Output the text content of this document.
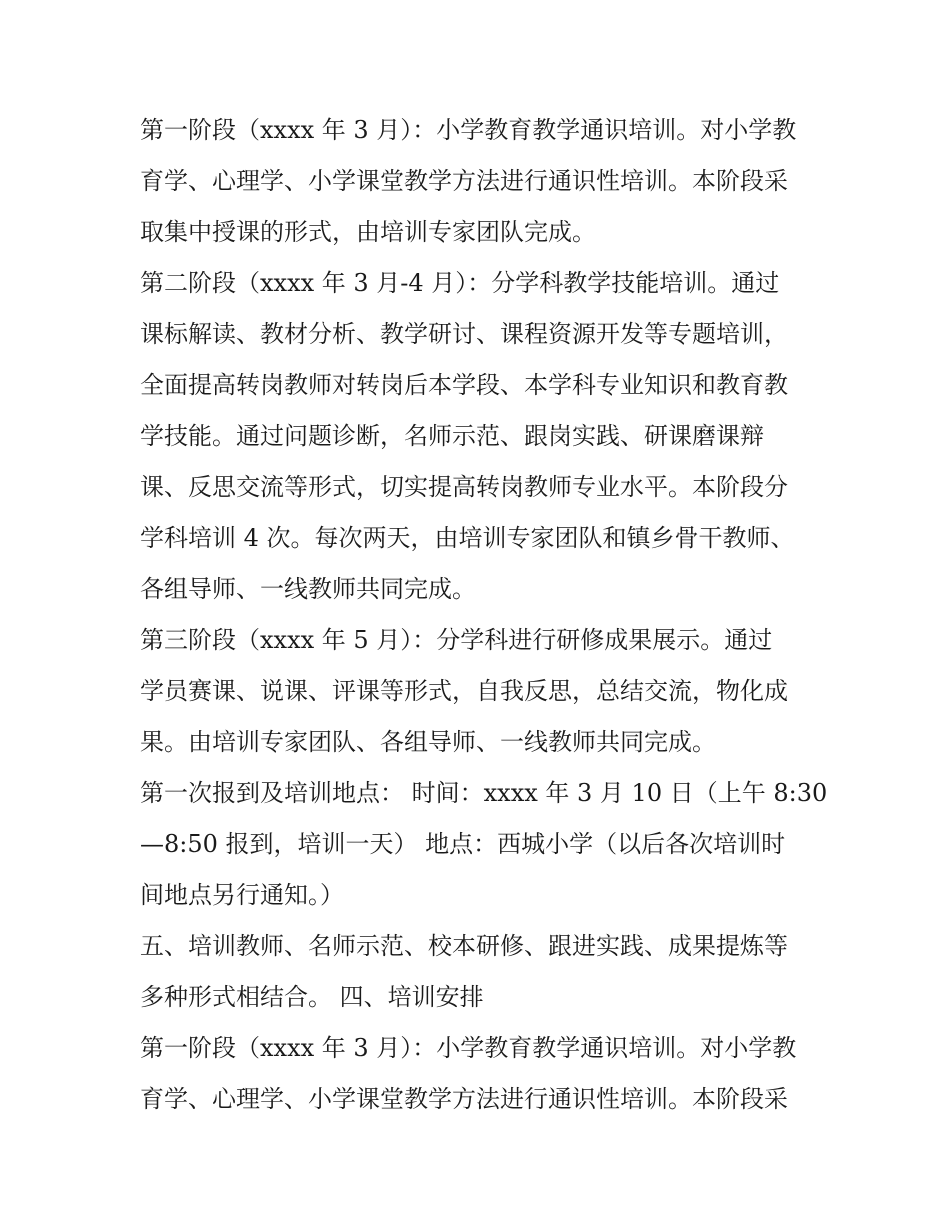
第一阶段（xxxx 年 3 月）：小学教育教学通识培训。对小学教
育学、心理学、小学课堂教学方法进行通识性培训。本阶段采
取集中授课的形式，由培训专家团队完成。
第二阶段（xxxx 年 3 月-4 月）：分学科教学技能培训。通过
课标解读、教材分析、教学研讨、课程资源开发等专题培训，
全面提高转岗教师对转岗后本学段、本学科专业知识和教育教
学技能。通过问题诊断，名师示范、跟岗实践、研课磨课辩
课、反思交流等形式，切实提高转岗教师专业水平。本阶段分
学科培训 4 次。每次两天，由培训专家团队和镇乡骨干教师、
各组导师、一线教师共同完成。
第三阶段（xxxx 年 5 月）：分学科进行研修成果展示。通过
学员赛课、说课、评课等形式，自我反思，总结交流，物化成
果。由培训专家团队、各组导师、一线教师共同完成。
第一次报到及培训地点： 时间：xxxx 年 3 月 10 日（上午 8:30
—8:50 报到，培训一天） 地点：西城小学（以后各次培训时
间地点另行通知。）
五、培训教师、名师示范、校本研修、跟进实践、成果提炼等
多种形式相结合。 四、培训安排
第一阶段（xxxx 年 3 月）：小学教育教学通识培训。对小学教
育学、心理学、小学课堂教学方法进行通识性培训。本阶段采
